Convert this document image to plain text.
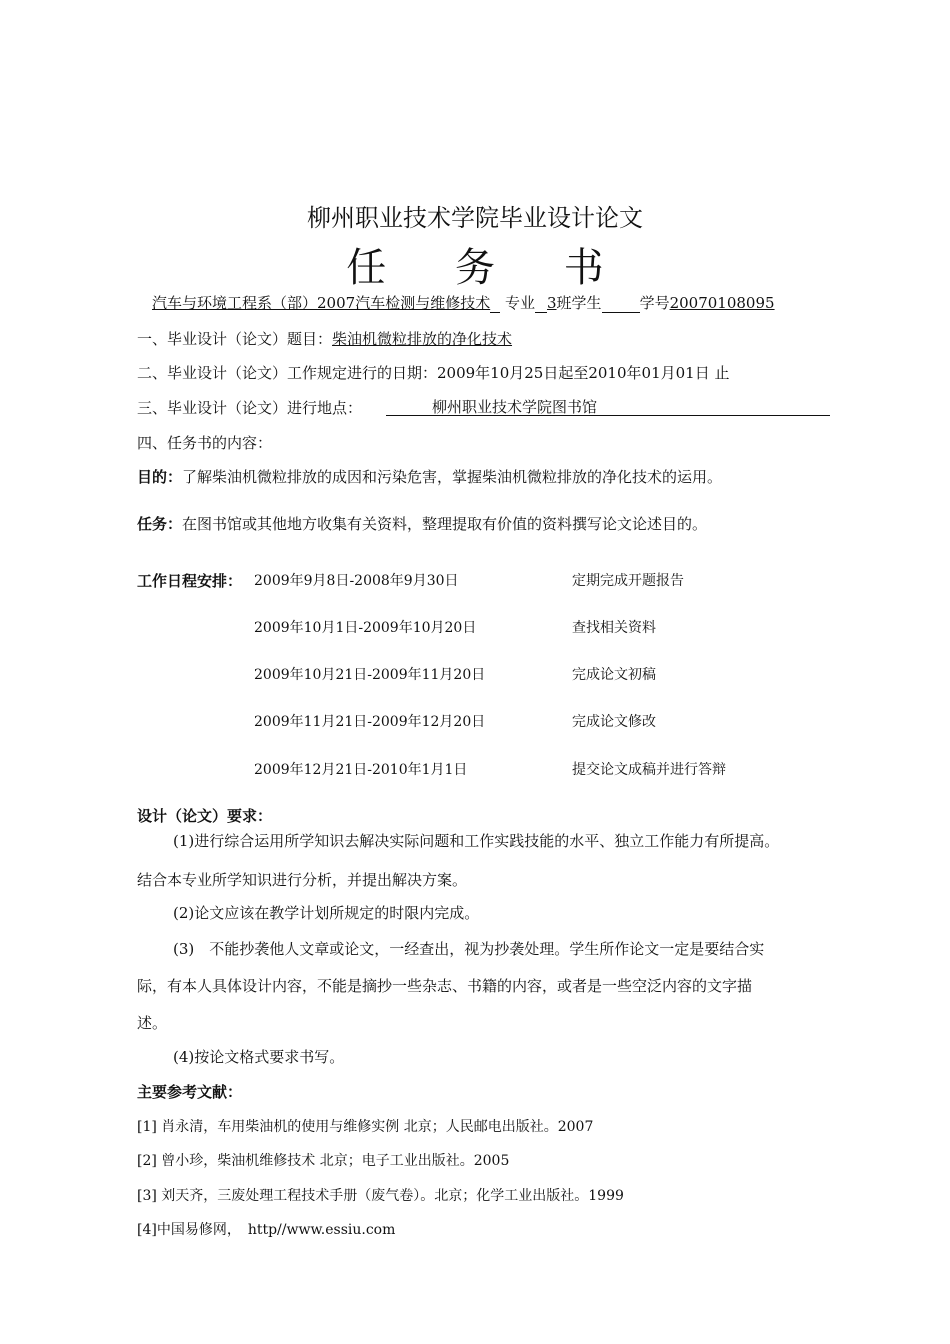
柳州职业技术学院毕业设计论文
任 务 书
汽车与环境工程系（部）2007汽车检测与维修技术 专业 3班学生	学号20070108095
一、毕业设计（论文）题目：柴油机微粒排放的净化技术
二、毕业设计（论文）工作规定进行的日期：2009年10月25日起至2010年01月01日 止
三、毕业设计（论文）进行地点：	柳州职业技术学院图书馆
四、任务书的内容：
目的：了解柴油机微粒排放的成因和污染危害，掌握柴油机微粒排放的净化技术的运用。
任务：在图书馆或其他地方收集有关资料，整理提取有价值的资料撰写论文论述目的。
工作日程安排： 2009年9月8日-2008年9月30日	定期完成开题报告
2009年10月1日-2009年10月20日	查找相关资料
2009年10月21日-2009年11月20日	完成论文初稿
2009年11月21日-2009年12月20日	完成论文修改
2009年12月21日-2010年1月1日	提交论文成稿并进行答辩
设计（论文）要求：
(1)进行综合运用所学知识去解决实际问题和工作实践技能的水平、独立工作能力有所提高。
结合本专业所学知识进行分析，并提出解决方案。
(2)论文应该在教学计划所规定的时限内完成。
(3)　不能抄袭他人文章或论文，一经查出，视为抄袭处理。学生所作论文一定是要结合实
际，有本人具体设计内容，不能是摘抄一些杂志、书籍的内容，或者是一些空泛内容的文字描
述。
(4)按论文格式要求书写。
主要参考文献：
[1] 肖永清，车用柴油机的使用与维修实例 北京；人民邮电出版社。2007
[2] 曾小珍，柴油机维修技术 北京；电子工业出版社。2005
[3] 刘天齐，三废处理工程技术手册（废气卷）。北京；化学工业出版社。1999
[4]中国易修网，　http//www.essiu.com
